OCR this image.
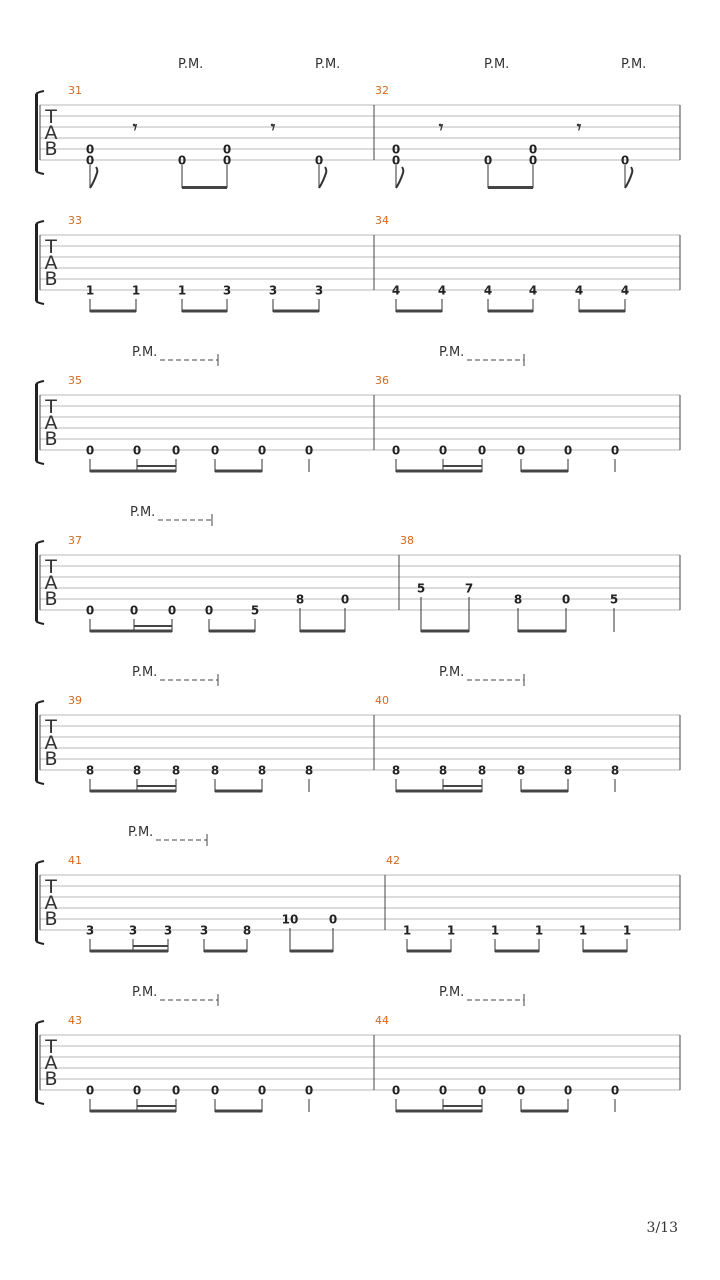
T
A
B
31
P.M.	P.M.
𝄾	𝄾
0
0	0
0
0	0
32
P.M.	P.M.
𝄾	𝄾
0
0	0
0
0	0
T
A
B
33
1	1	1	3	3	3
34
4	4	4	4	4	4
T
A
B
35
P.M.
0	0	0	0	0	0
36
P.M.
0	0	0	0	0	0
T
A
B
37
P.M.
0	0 0 0	5
8	0
38
5	7
8	0	5
T
A
B
39
P.M.
8	8	8	8	8	8
40
P.M.
8	8	8	8	8	8
T
A
B
41
P.M.
3	3 3 3	8
10	0
42
1	1	1	1	1	1
T
A
B
43
P.M.
0	0	0	0	0	0
44
P.M.
0	0	0	0	0	0
3/13
